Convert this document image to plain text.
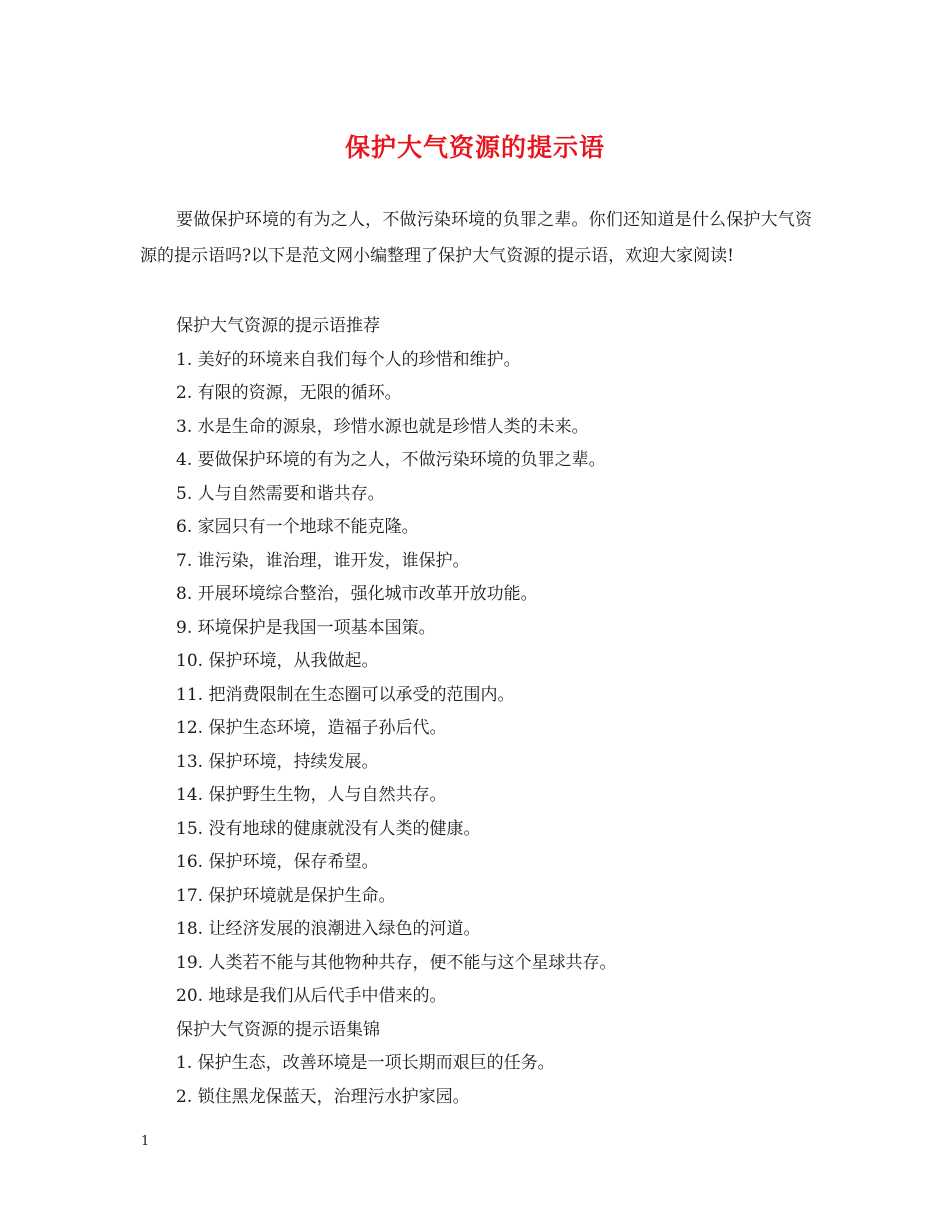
保护大气资源的提示语
要做保护环境的有为之人，不做污染环境的负罪之辈。你们还知道是什么保护大气资源的提示语吗?以下是范文网小编整理了保护大气资源的提示语，欢迎大家阅读!
保护大气资源的提示语推荐
1. 美好的环境来自我们每个人的珍惜和维护。
2. 有限的资源，无限的循环。
3. 水是生命的源泉，珍惜水源也就是珍惜人类的未来。
4. 要做保护环境的有为之人，不做污染环境的负罪之辈。
5. 人与自然需要和谐共存。
6. 家园只有一个地球不能克隆。
7. 谁污染，谁治理，谁开发，谁保护。
8. 开展环境综合整治，强化城市改革开放功能。
9. 环境保护是我国一项基本国策。
10. 保护环境，从我做起。
11. 把消费限制在生态圈可以承受的范围内。
12. 保护生态环境，造福子孙后代。
13. 保护环境，持续发展。
14. 保护野生生物，人与自然共存。
15. 没有地球的健康就没有人类的健康。
16. 保护环境，保存希望。
17. 保护环境就是保护生命。
18. 让经济发展的浪潮进入绿色的河道。
19. 人类若不能与其他物种共存，便不能与这个星球共存。
20. 地球是我们从后代手中借来的。
保护大气资源的提示语集锦
1. 保护生态，改善环境是一项长期而艰巨的任务。
2. 锁住黑龙保蓝天，治理污水护家园。
1
